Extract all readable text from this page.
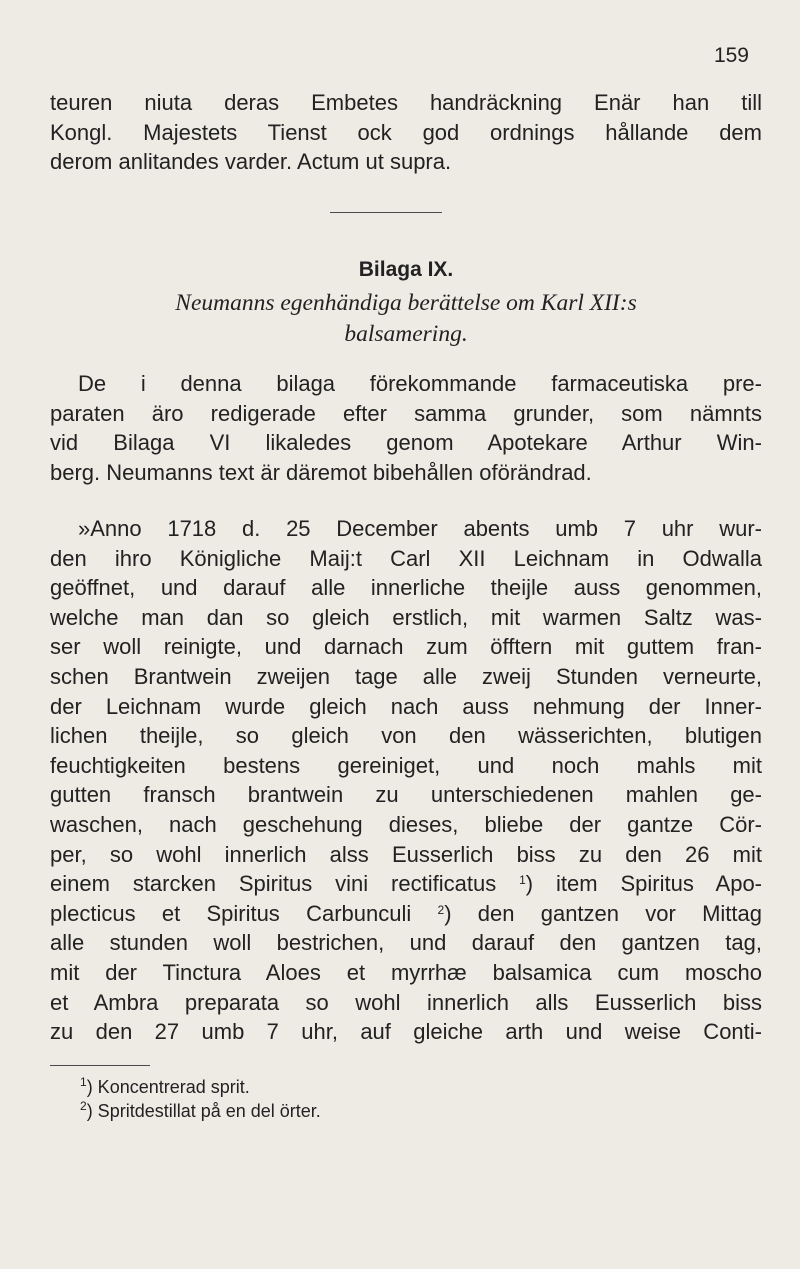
159
teuren niuta deras Embetes handräckning Enär han till
Kongl. Majestets Tienst ock god ordnings hållande dem
derom anlitandes varder. Actum ut supra.
Bilaga IX.
Neumanns egenhändiga berättelse om Karl XII:s
balsamering.
De i denna bilaga förekommande farmaceutiska pre-
paraten äro redigerade efter samma grunder, som nämnts
vid Bilaga VI likaledes genom Apotekare Arthur Win-
berg. Neumanns text är däremot bibehållen oförändrad.
»Anno 1718 d. 25 December abents umb 7 uhr wur-
den ihro Königliche Maij:t Carl XII Leichnam in Odwalla
geöffnet, und darauf alle innerliche theijle auss genommen,
welche man dan so gleich erstlich, mit warmen Saltz was-
ser woll reinigte, und darnach zum öfftern mit guttem fran-
schen Brantwein zweijen tage alle zweij Stunden verneurte,
der Leichnam wurde gleich nach auss nehmung der Inner-
lichen theijle, so gleich von den wässerichten, blutigen
feuchtigkeiten bestens gereiniget, und noch mahls mit
gutten fransch brantwein zu unterschiedenen mahlen ge-
waschen, nach geschehung dieses, bliebe der gantze Cör-
per, so wohl innerlich alss Eusserlich biss zu den 26 mit
einem starcken Spiritus vini rectificatus $^1$) item Spiritus Apo-
plecticus et Spiritus Carbunculi $^2$) den gantzen vor Mittag
alle stunden woll bestrichen, und darauf den gantzen tag,
mit der Tinctura Aloes et myrrhæ balsamica cum moscho
et Ambra preparata so wohl innerlich alls Eusserlich biss
zu den 27 umb 7 uhr, auf gleiche arth und weise Conti-
$^1$) Koncentrerad sprit.
$^2$) Spritdestillat på en del örter.
